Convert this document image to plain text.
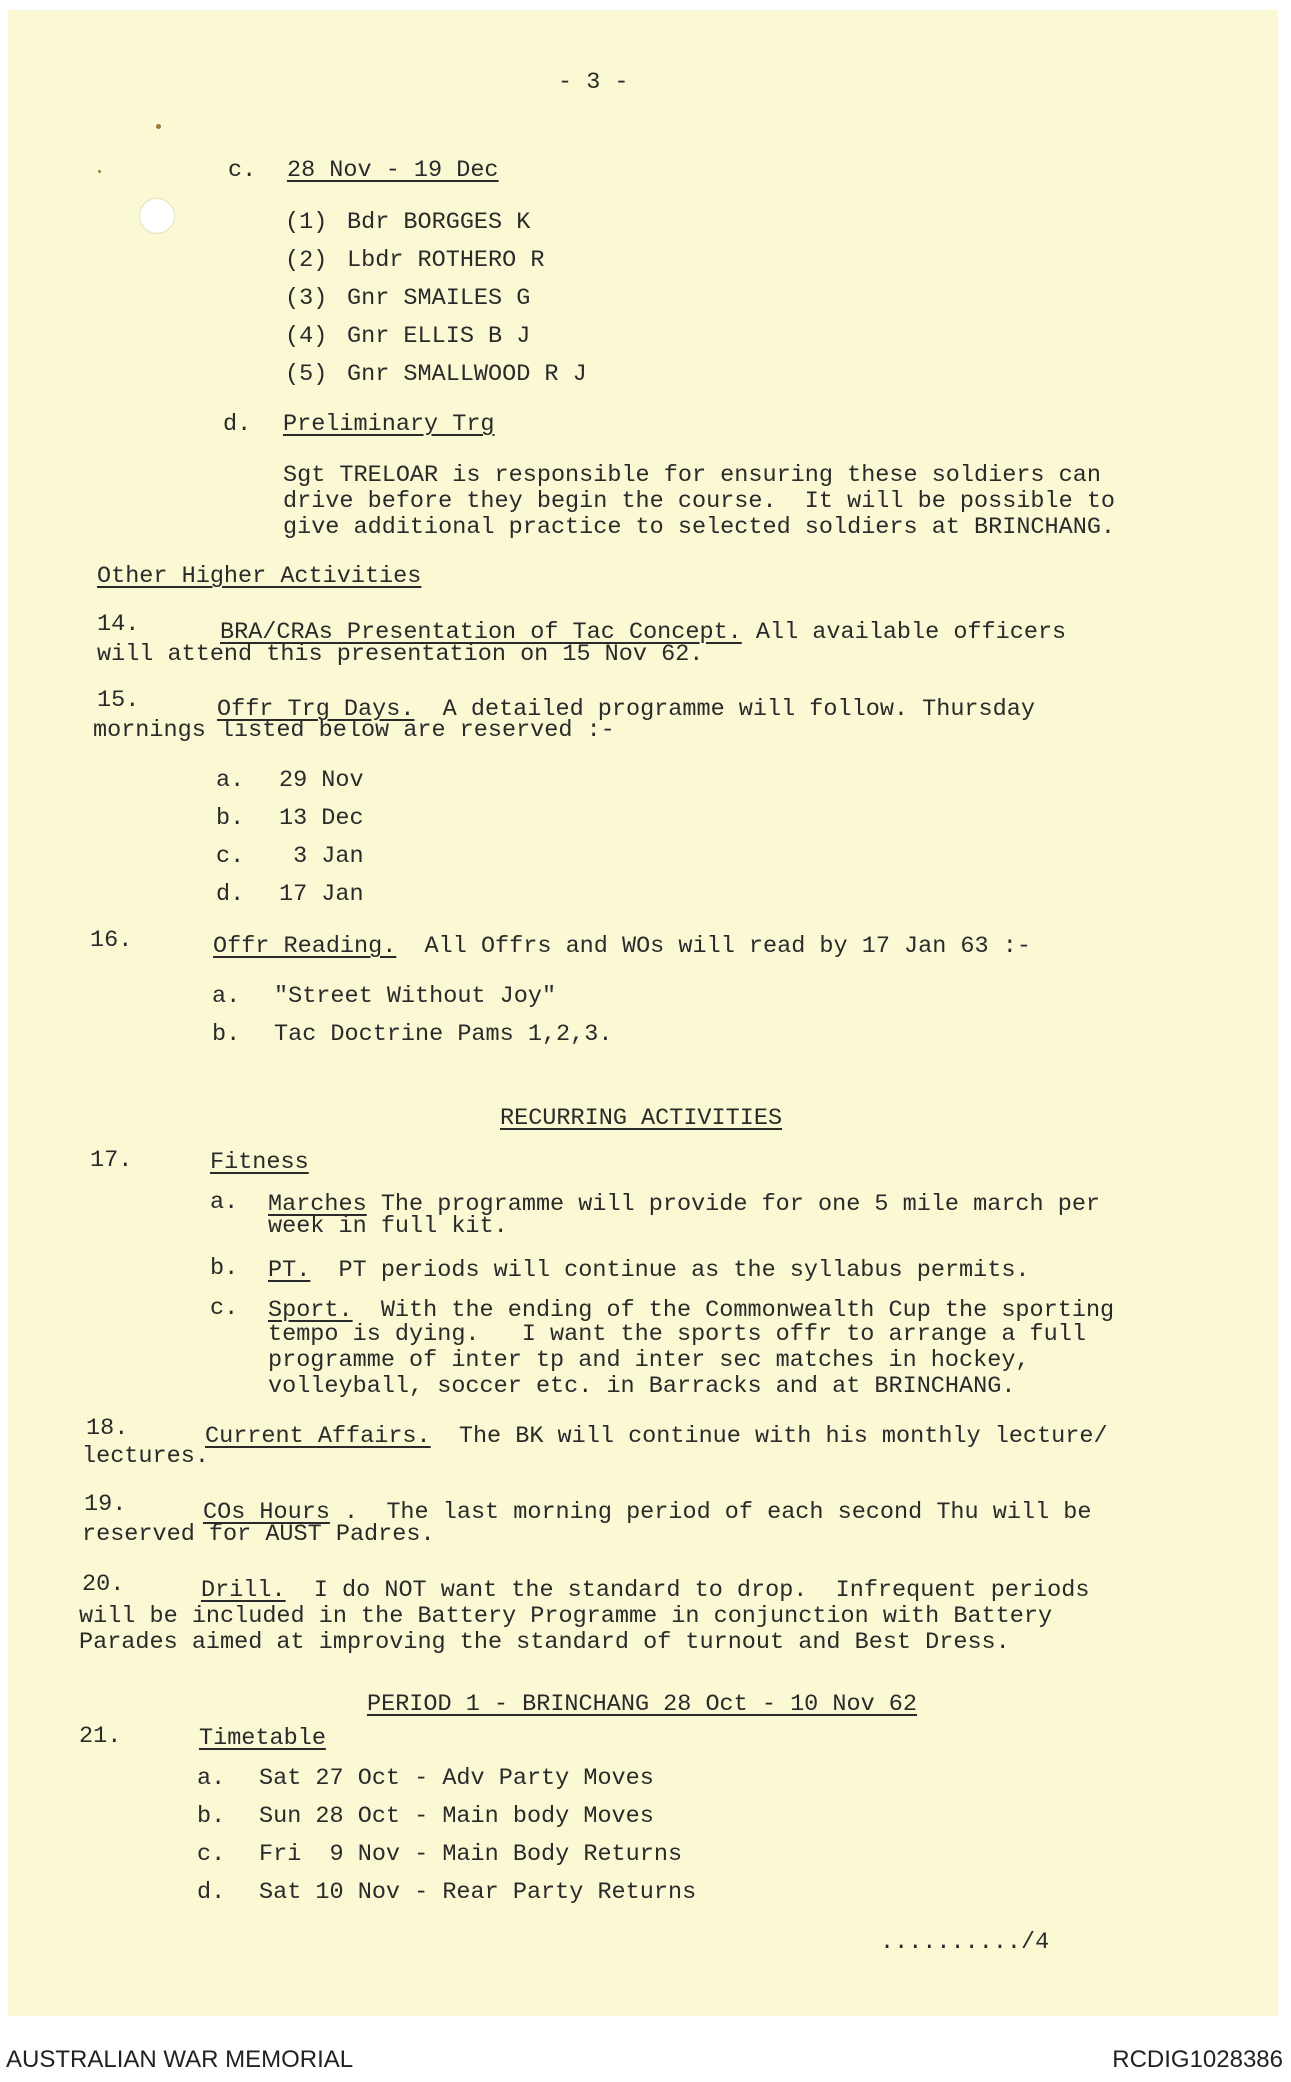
- 3 -
c. 28 Nov - 19 Dec
(1) Bdr BORGGES K
(2) Lbdr ROTHERO R
(3) Gnr SMAILES G
(4) Gnr ELLIS B J
(5) Gnr SMALLWOOD R J
d. Preliminary Trg
Sgt TRELOAR is responsible for ensuring these soldiers can
drive before they begin the course.  It will be possible to
give additional practice to selected soldiers at BRINCHANG.
Other Higher Activities
14.	BRA/CRAs Presentation of Tac Concept. All available officers
will attend this presentation on 15 Nov 62.
15.	Offr Trg Days.  A detailed programme will follow. Thursday
mornings listed below are reserved :-
a. 29 Nov
b. 13 Dec
c. 3 Jan
d. 17 Jan
16.	Offr Reading.  All Offrs and WOs will read by 17 Jan 63 :-
a. "Street Without Joy"
b. Tac Doctrine Pams 1,2,3.
RECURRING ACTIVITIES
17.	Fitness
a. Marches The programme will provide for one 5 mile march per
week in full kit.
b. PT.  PT periods will continue as the syllabus permits.
c. Sport.  With the ending of the Commonwealth Cup the sporting
tempo is dying.   I want the sports offr to arrange a full
programme of inter tp and inter sec matches in hockey,
volleyball, soccer etc. in Barracks and at BRINCHANG.
18.	Current Affairs.  The BK will continue with his monthly lecture/
lectures.
19.	COs Hours .  The last morning period of each second Thu will be
reserved for AUST Padres.
20.	Drill.  I do NOT want the standard to drop.  Infrequent periods
will be included in the Battery Programme in conjunction with Battery
Parades aimed at improving the standard of turnout and Best Dress.
PERIOD 1 - BRINCHANG 28 Oct - 10 Nov 62
21.	Timetable
a. Sat 27 Oct - Adv Party Moves
b. Sun 28 Oct - Main body Moves
c. Fri  9 Nov - Main Body Returns
d. Sat 10 Nov - Rear Party Returns
........../4
AUSTRALIAN WAR MEMORIAL	RCDIG1028386
